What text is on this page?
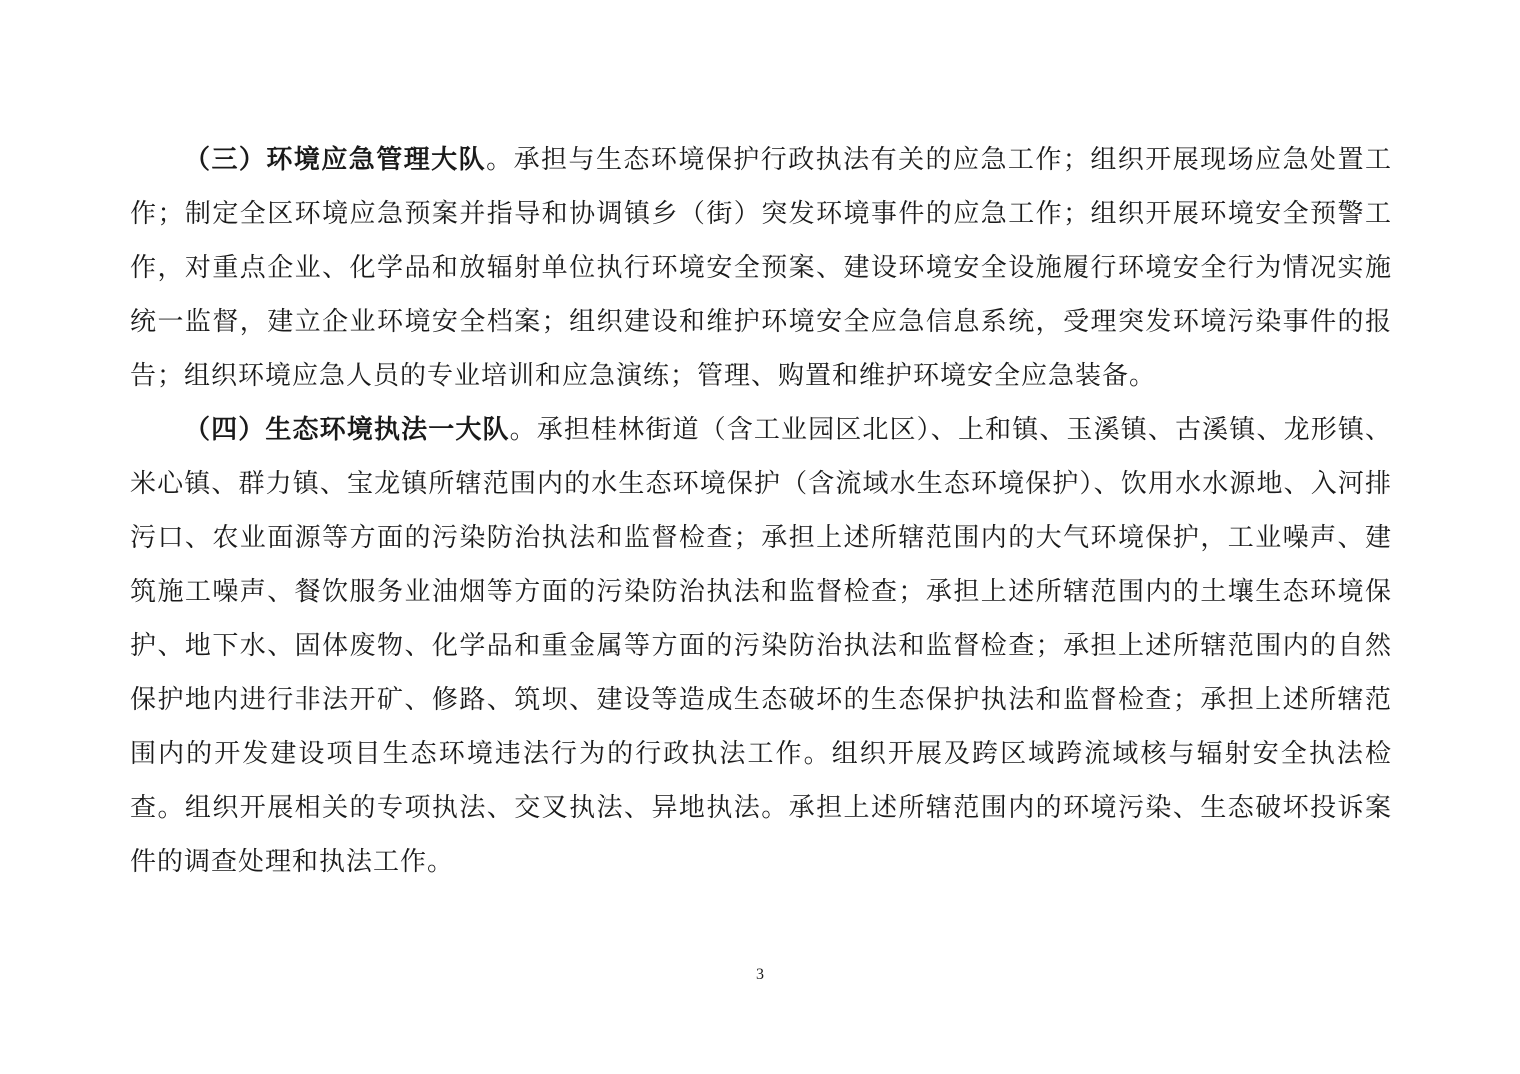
（三）环境应急管理大队。承担与生态环境保护行政执法有关的应急工作；组织开展现场应急处置工作；制定全区环境应急预案并指导和协调镇乡（街）突发环境事件的应急工作；组织开展环境安全预警工作，对重点企业、化学品和放辐射单位执行环境安全预案、建设环境安全设施履行环境安全行为情况实施统一监督，建立企业环境安全档案；组织建设和维护环境安全应急信息系统，受理突发环境污染事件的报告；组织环境应急人员的专业培训和应急演练；管理、购置和维护环境安全应急装备。

（四）生态环境执法一大队。承担桂林街道（含工业园区北区）、上和镇、玉溪镇、古溪镇、龙形镇、米心镇、群力镇、宝龙镇所辖范围内的水生态环境保护（含流域水生态环境保护）、饮用水水源地、入河排污口、农业面源等方面的污染防治执法和监督检查；承担上述所辖范围内的大气环境保护，工业噪声、建筑施工噪声、餐饮服务业油烟等方面的污染防治执法和监督检查；承担上述所辖范围内的土壤生态环境保护、地下水、固体废物、化学品和重金属等方面的污染防治执法和监督检查；承担上述所辖范围内的自然保护地内进行非法开矿、修路、筑坝、建设等造成生态破坏的生态保护执法和监督检查；承担上述所辖范围内的开发建设项目生态环境违法行为的行政执法工作。组织开展及跨区域跨流域核与辐射安全执法检查。组织开展相关的专项执法、交叉执法、异地执法。承担上述所辖范围内的环境污染、生态破坏投诉案件的调查处理和执法工作。

3
